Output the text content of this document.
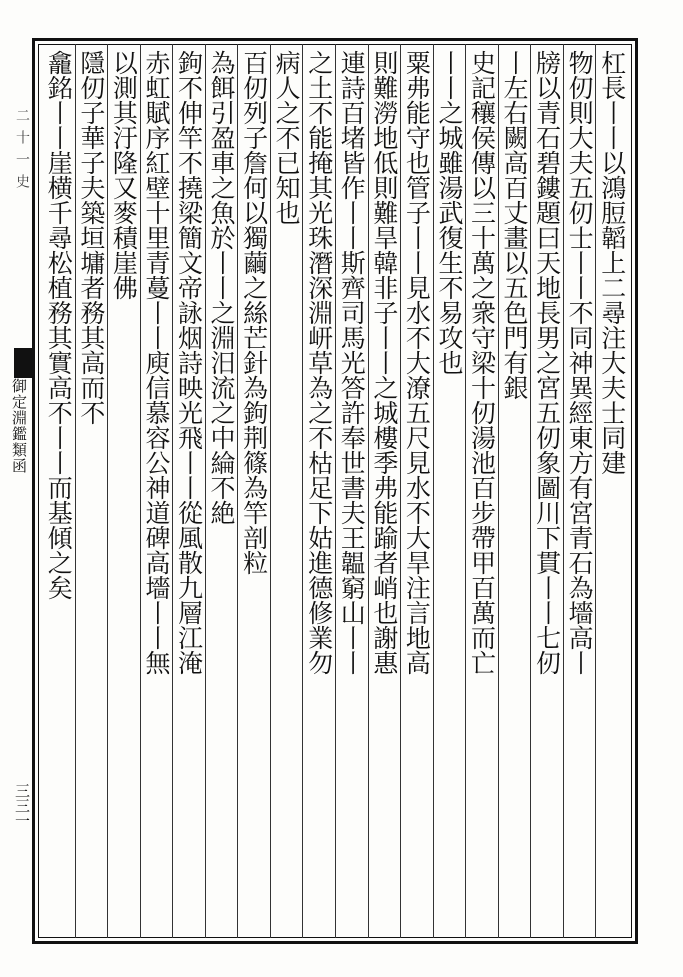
二十一史
御定淵鑑類函
三三一
杠長丨丨以鴻脰韜上二尋注大夫士同建
物仞則大夫五仞士丨丨不同神異經東方有宮青石為墻高丨
牓以青石碧鏤題曰天地長男之宮五仞象圖川下貫丨丨七仞
丨左右闕高百丈畫以五色門有銀
史記穰侯傳以三十萬之衆守梁十仞湯池百步帶甲百萬而亡
丨丨之城雖湯武復生不易攻也
粟弗能守也管子丨丨見水不大潦五尺見水不大旱注言地高
則難澇地低則難旱韓非子丨丨之城樓季弗能踰者峭也謝惠
連詩百堵皆作丨丨斯齊司馬光答許奉世書夫王韞窮山丨丨
之土不能掩其光珠潛深淵岍草為之不枯足下姑進德修業勿
病人之不已知也
百仞列子詹何以獨繭之絲芒針為鉤荆篠為竿剖粒
為餌引盈車之魚於丨丨之淵汨流之中綸不絶
鉤不伸竿不撓梁簡文帝詠烟詩映光飛丨丨從風散九層江淹
赤虹賦序紅壁十里青蔓丨丨庾信慕容公神道碑高墻丨丨無
以測其汙隆又麥積崖佛
隱仞子華子夫築垣墉者務其高而不
龕銘丨丨崖横千尋松植務其實高不丨丨而基傾之矣
